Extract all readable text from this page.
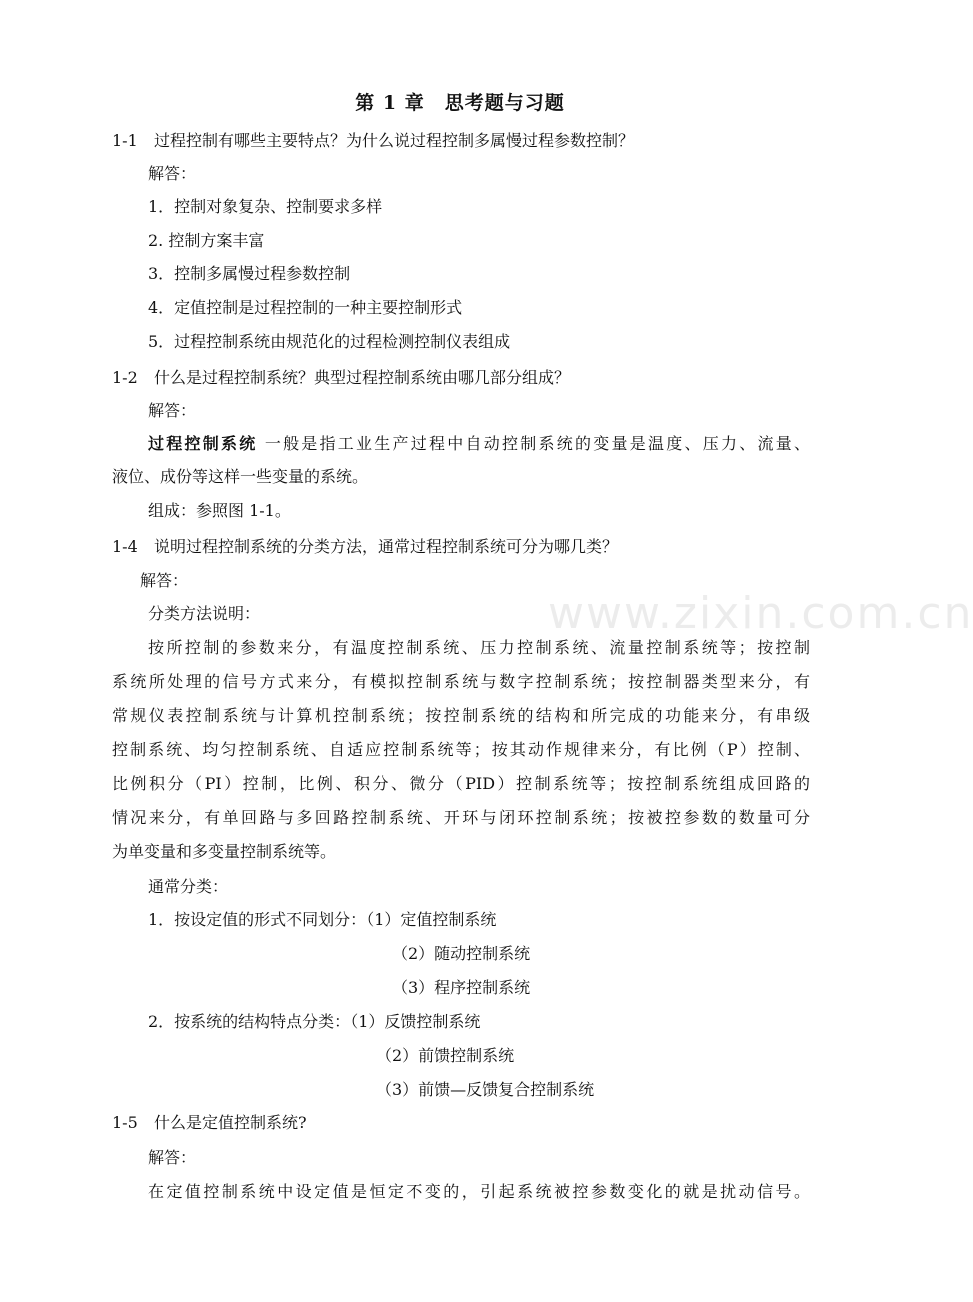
第 1 章　思考题与习题
1-1 过程控制有哪些主要特点？为什么说过程控制多属慢过程参数控制？
解答：
1．控制对象复杂、控制要求多样
2. 控制方案丰富
3．控制多属慢过程参数控制
4．定值控制是过程控制的一种主要控制形式
5．过程控制系统由规范化的过程检测控制仪表组成
1-2 什么是过程控制系统？典型过程控制系统由哪几部分组成？
解答：
过程控制系统 一般是指工业生产过程中自动控制系统的变量是温度、压力、流量、
液位、成份等这样一些变量的系统。
组成：参照图 1-1。
1-4 说明过程控制系统的分类方法，通常过程控制系统可分为哪几类？
解答：
分类方法说明：
按所控制的参数来分，有温度控制系统、压力控制系统、流量控制系统等；按控制
系统所处理的信号方式来分，有模拟控制系统与数字控制系统；按控制器类型来分，有
常规仪表控制系统与计算机控制系统；按控制系统的结构和所完成的功能来分，有串级
控制系统、均匀控制系统、自适应控制系统等；按其动作规律来分，有比例（P）控制、
比例积分（PI）控制，比例、积分、微分（PID）控制系统等；按控制系统组成回路的
情况来分，有单回路与多回路控制系统、开环与闭环控制系统；按被控参数的数量可分
为单变量和多变量控制系统等。
通常分类：
1．按设定值的形式不同划分：（1）定值控制系统
（2）随动控制系统
（3）程序控制系统
2．按系统的结构特点分类：（1）反馈控制系统
（2）前馈控制系统
（3）前馈—反馈复合控制系统
1-5 什么是定值控制系统?
解答：
在定值控制系统中设定值是恒定不变的，引起系统被控参数变化的就是扰动信号。
www.zixin.com.cn
